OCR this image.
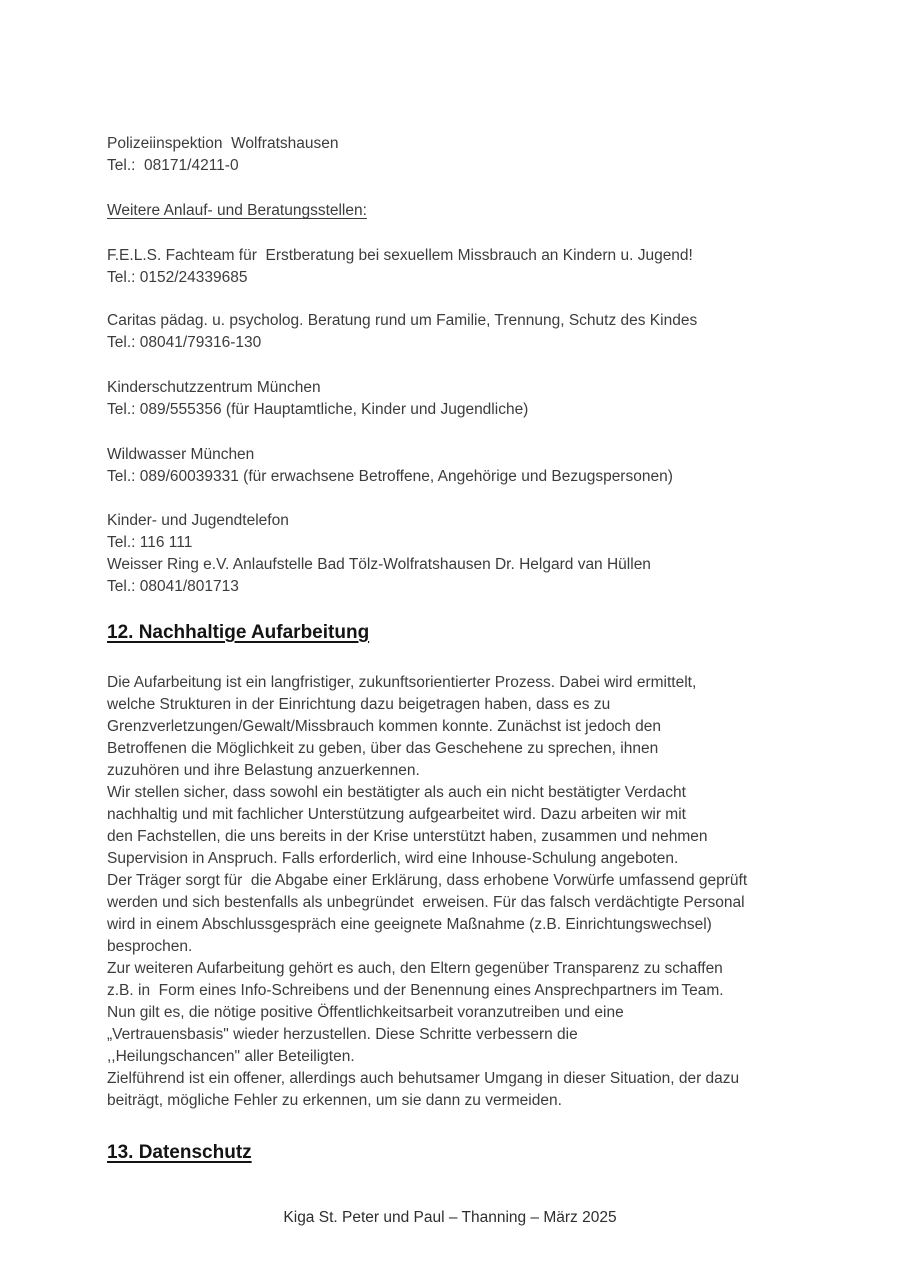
Polizeiinspektion  Wolfratshausen
Tel.:  08171/4211-0
Weitere Anlauf- und Beratungsstellen:
F.E.L.S. Fachteam für  Erstberatung bei sexuellem Missbrauch an Kindern u. Jugend!
Tel.: 0152/24339685
Caritas pädag. u. psycholog. Beratung rund um Familie, Trennung, Schutz des Kindes
Tel.: 08041/79316-130
Kinderschutzzentrum München
Tel.: 089/555356 (für Hauptamtliche, Kinder und Jugendliche)
Wildwasser München
Tel.: 089/60039331 (für erwachsene Betroffene, Angehörige und Bezugspersonen)
Kinder- und Jugendtelefon
Tel.: 116 111
Weisser Ring e.V. Anlaufstelle Bad Tölz-Wolfratshausen Dr. Helgard van Hüllen
Tel.: 08041/801713
12. Nachhaltige Aufarbeitung
Die Aufarbeitung ist ein langfristiger, zukunftsorientierter Prozess. Dabei wird ermittelt,
welche Strukturen in der Einrichtung dazu beigetragen haben, dass es zu
Grenzverletzungen/Gewalt/Missbrauch kommen konnte. Zunächst ist jedoch den
Betroffenen die Möglichkeit zu geben, über das Geschehene zu sprechen, ihnen
zuzuhören und ihre Belastung anzuerkennen.
Wir stellen sicher, dass sowohl ein bestätigter als auch ein nicht bestätigter Verdacht
nachhaltig und mit fachlicher Unterstützung aufgearbeitet wird. Dazu arbeiten wir mit
den Fachstellen, die uns bereits in der Krise unterstützt haben, zusammen und nehmen
Supervision in Anspruch. Falls erforderlich, wird eine Inhouse-Schulung angeboten.
Der Träger sorgt für  die Abgabe einer Erklärung, dass erhobene Vorwürfe umfassend geprüft
werden und sich bestenfalls als unbegründet  erweisen. Für das falsch verdächtigte Personal
wird in einem Abschlussgespräch eine geeignete Maßnahme (z.B. Einrichtungswechsel)
besprochen.
Zur weiteren Aufarbeitung gehört es auch, den Eltern gegenüber Transparenz zu schaffen
z.B. in  Form eines Info-Schreibens und der Benennung eines Ansprechpartners im Team.
Nun gilt es, die nötige positive Öffentlichkeitsarbeit voranzutreiben und eine
„Vertrauensbasis" wieder herzustellen. Diese Schritte verbessern die
,,Heilungschancen" aller Beteiligten.
Zielführend ist ein offener, allerdings auch behutsamer Umgang in dieser Situation, der dazu
beiträgt, mögliche Fehler zu erkennen, um sie dann zu vermeiden.
13. Datenschutz
Kiga St. Peter und Paul – Thanning – März 2025
